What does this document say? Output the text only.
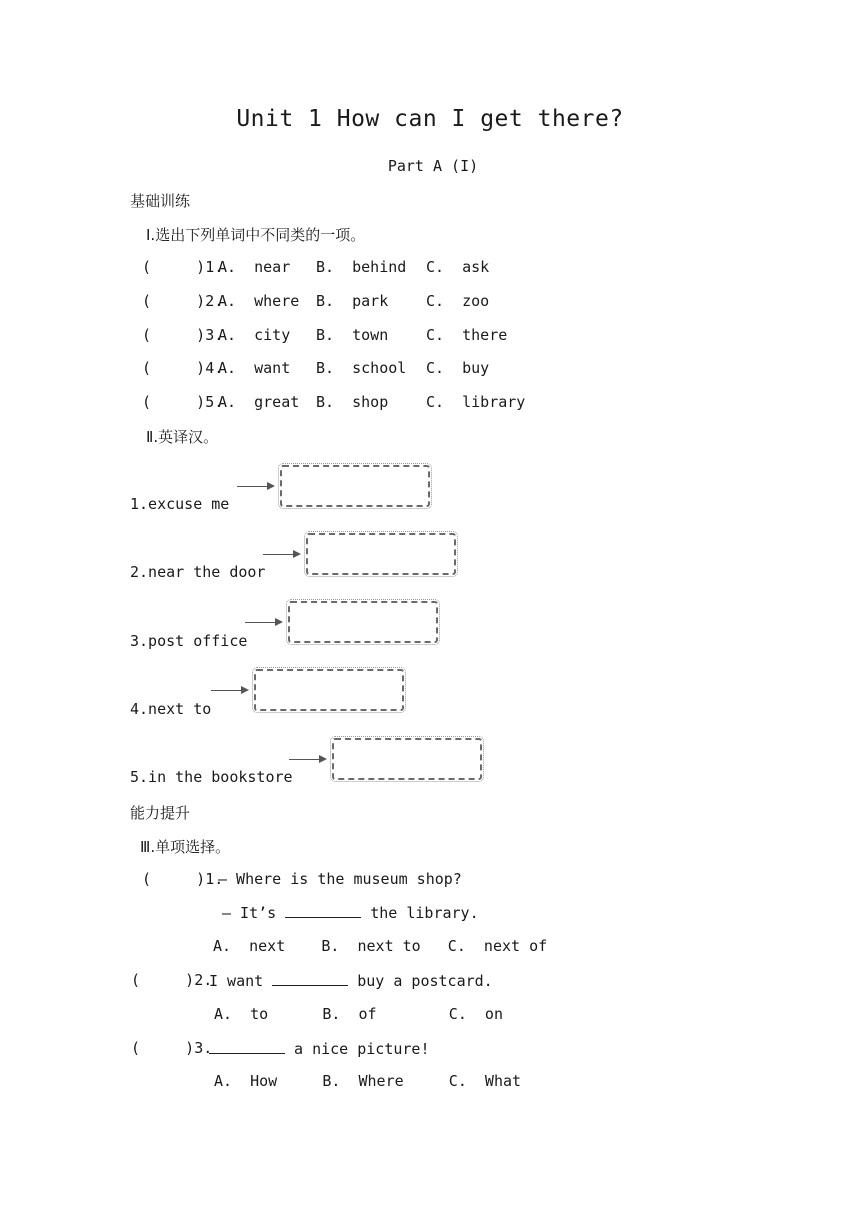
Unit 1 How can I get there?
Part A (I)
基础训练
Ⅰ.选出下列单词中不同类的一项。
(     )1.
A.  near B.  behind C.  ask
(     )2.
A.  where B.  park	C.  zoo
(     )3.
A.  city B.  town	C.  there
(     )4.
A.  want B.  school C.  buy
(     )5.
A.  great B.  shop	C.  library
Ⅱ.英译汉。
1.excuse me
2.near the door
3.post office
4.next to
5.in the bookstore
能力提升
Ⅲ.单项选择。
(     )1.
— Where is the museum shop?
— It’s	the library.
A.  next    B.  next to   C.  next of
(     )2.
I want	buy a postcard.
A.  to      B.  of        C.  on
(     )3.	a nice picture!
A.  How     B.  Where     C.  What
